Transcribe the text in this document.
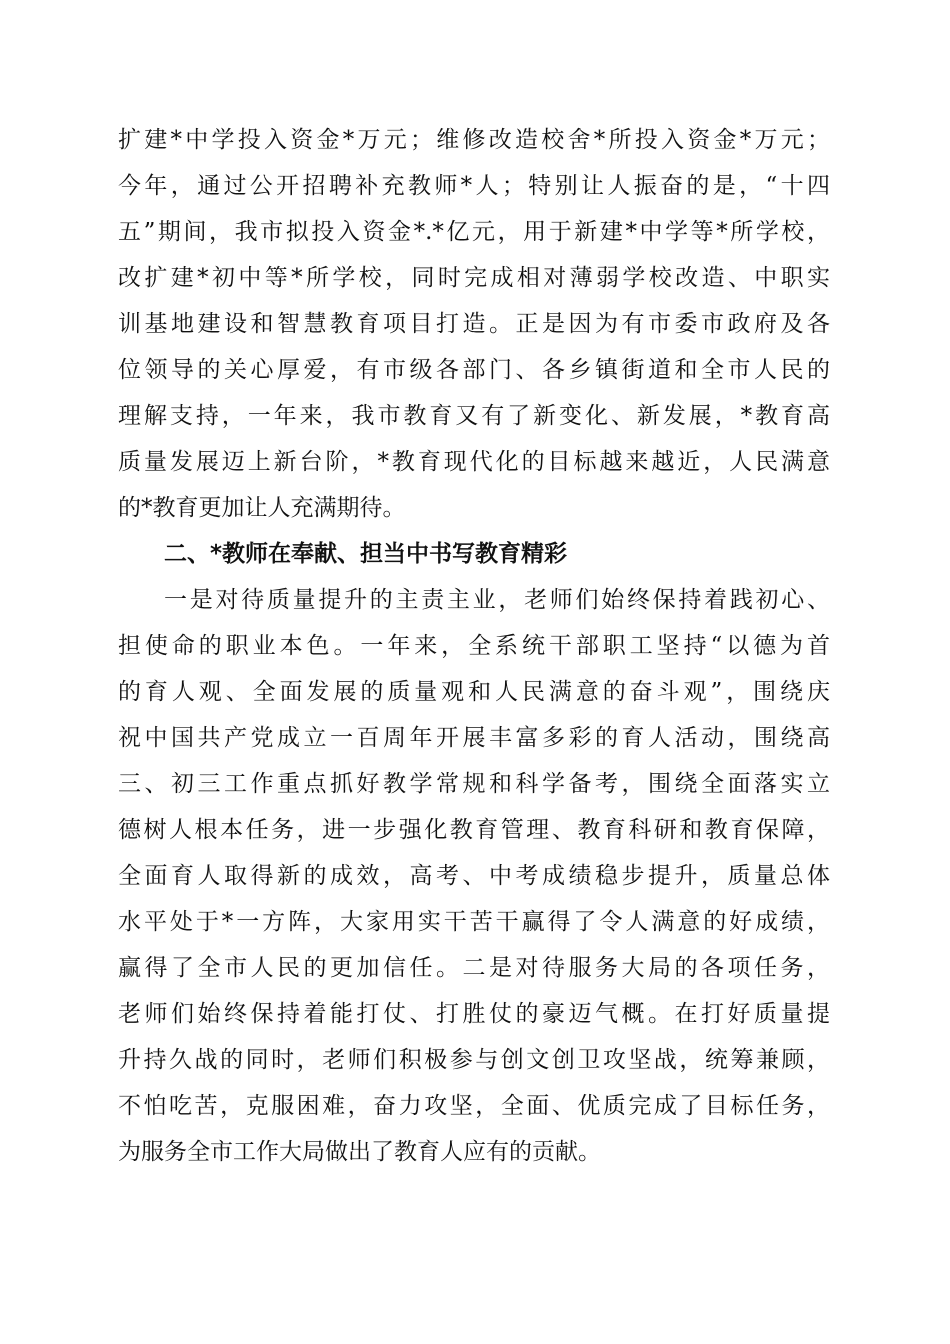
扩建*中学投入资金*万元；维修改造校舍*所投入资金*万元；
今年，通过公开招聘补充教师*人；特别让人振奋的是，“十四
五”期间，我市拟投入资金*.*亿元，用于新建*中学等*所学校，
改扩建*初中等*所学校，同时完成相对薄弱学校改造、中职实
训基地建设和智慧教育项目打造。正是因为有市委市政府及各
位领导的关心厚爱，有市级各部门、各乡镇街道和全市人民的
理解支持，一年来，我市教育又有了新变化、新发展，*教育高
质量发展迈上新台阶，*教育现代化的目标越来越近，人民满意
的*教育更加让人充满期待。
二、*教师在奉献、担当中书写教育精彩
一是对待质量提升的主责主业，老师们始终保持着践初心、
担使命的职业本色。一年来，全系统干部职工坚持“以德为首
的育人观、全面发展的质量观和人民满意的奋斗观”，围绕庆
祝中国共产党成立一百周年开展丰富多彩的育人活动，围绕高
三、初三工作重点抓好教学常规和科学备考，围绕全面落实立
德树人根本任务，进一步强化教育管理、教育科研和教育保障，
全面育人取得新的成效，高考、中考成绩稳步提升，质量总体
水平处于*一方阵，大家用实干苦干赢得了令人满意的好成绩，
赢得了全市人民的更加信任。二是对待服务大局的各项任务，
老师们始终保持着能打仗、打胜仗的豪迈气概。在打好质量提
升持久战的同时，老师们积极参与创文创卫攻坚战，统筹兼顾，
不怕吃苦，克服困难，奋力攻坚，全面、优质完成了目标任务，
为服务全市工作大局做出了教育人应有的贡献。
